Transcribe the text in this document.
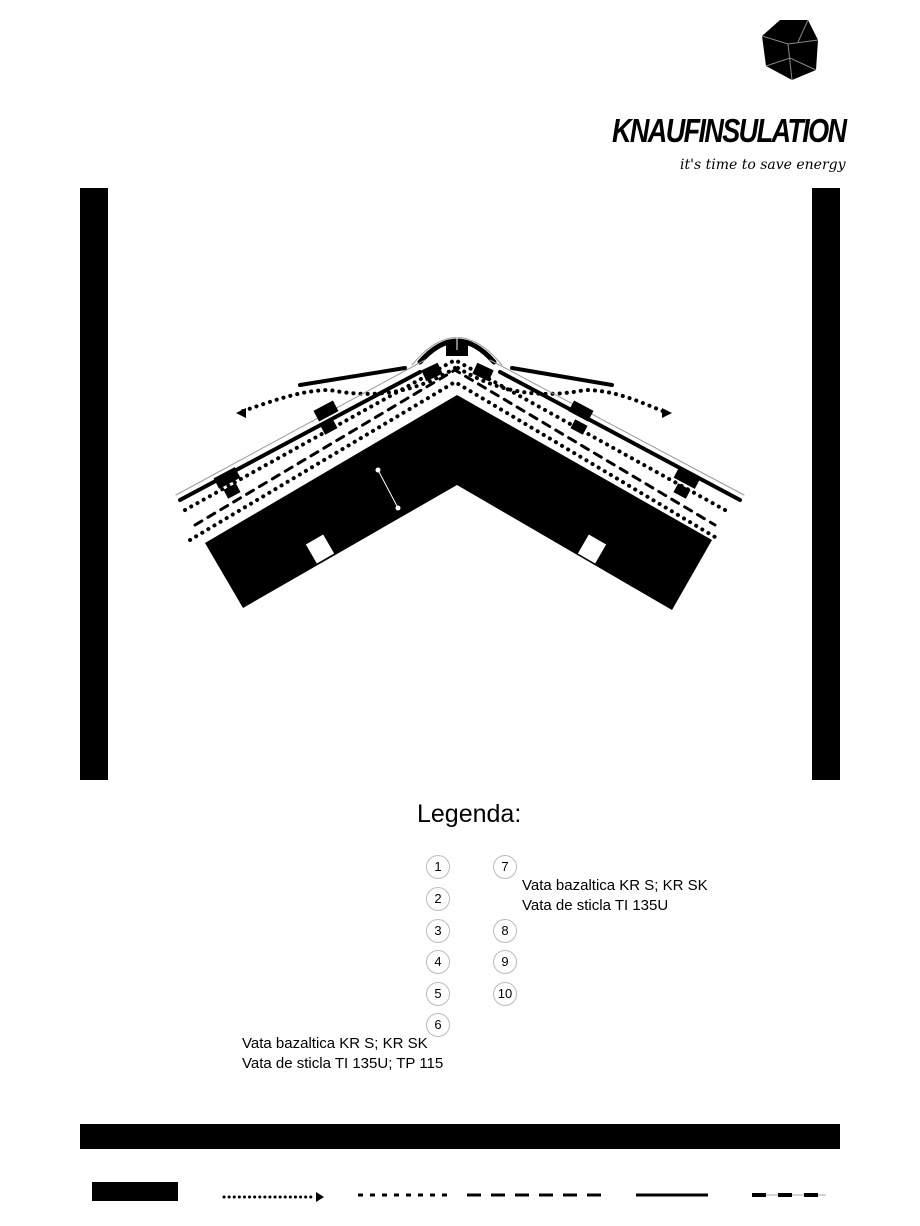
KNAUFINSULATION
it's time to save energy
Legenda:
1
2
3
4
5
6
7
8
9
10
Vata bazaltica KR S; KR SK
Vata de sticla TI 135U
Vata bazaltica KR S; KR SK
Vata de sticla TI 135U; TP 115
